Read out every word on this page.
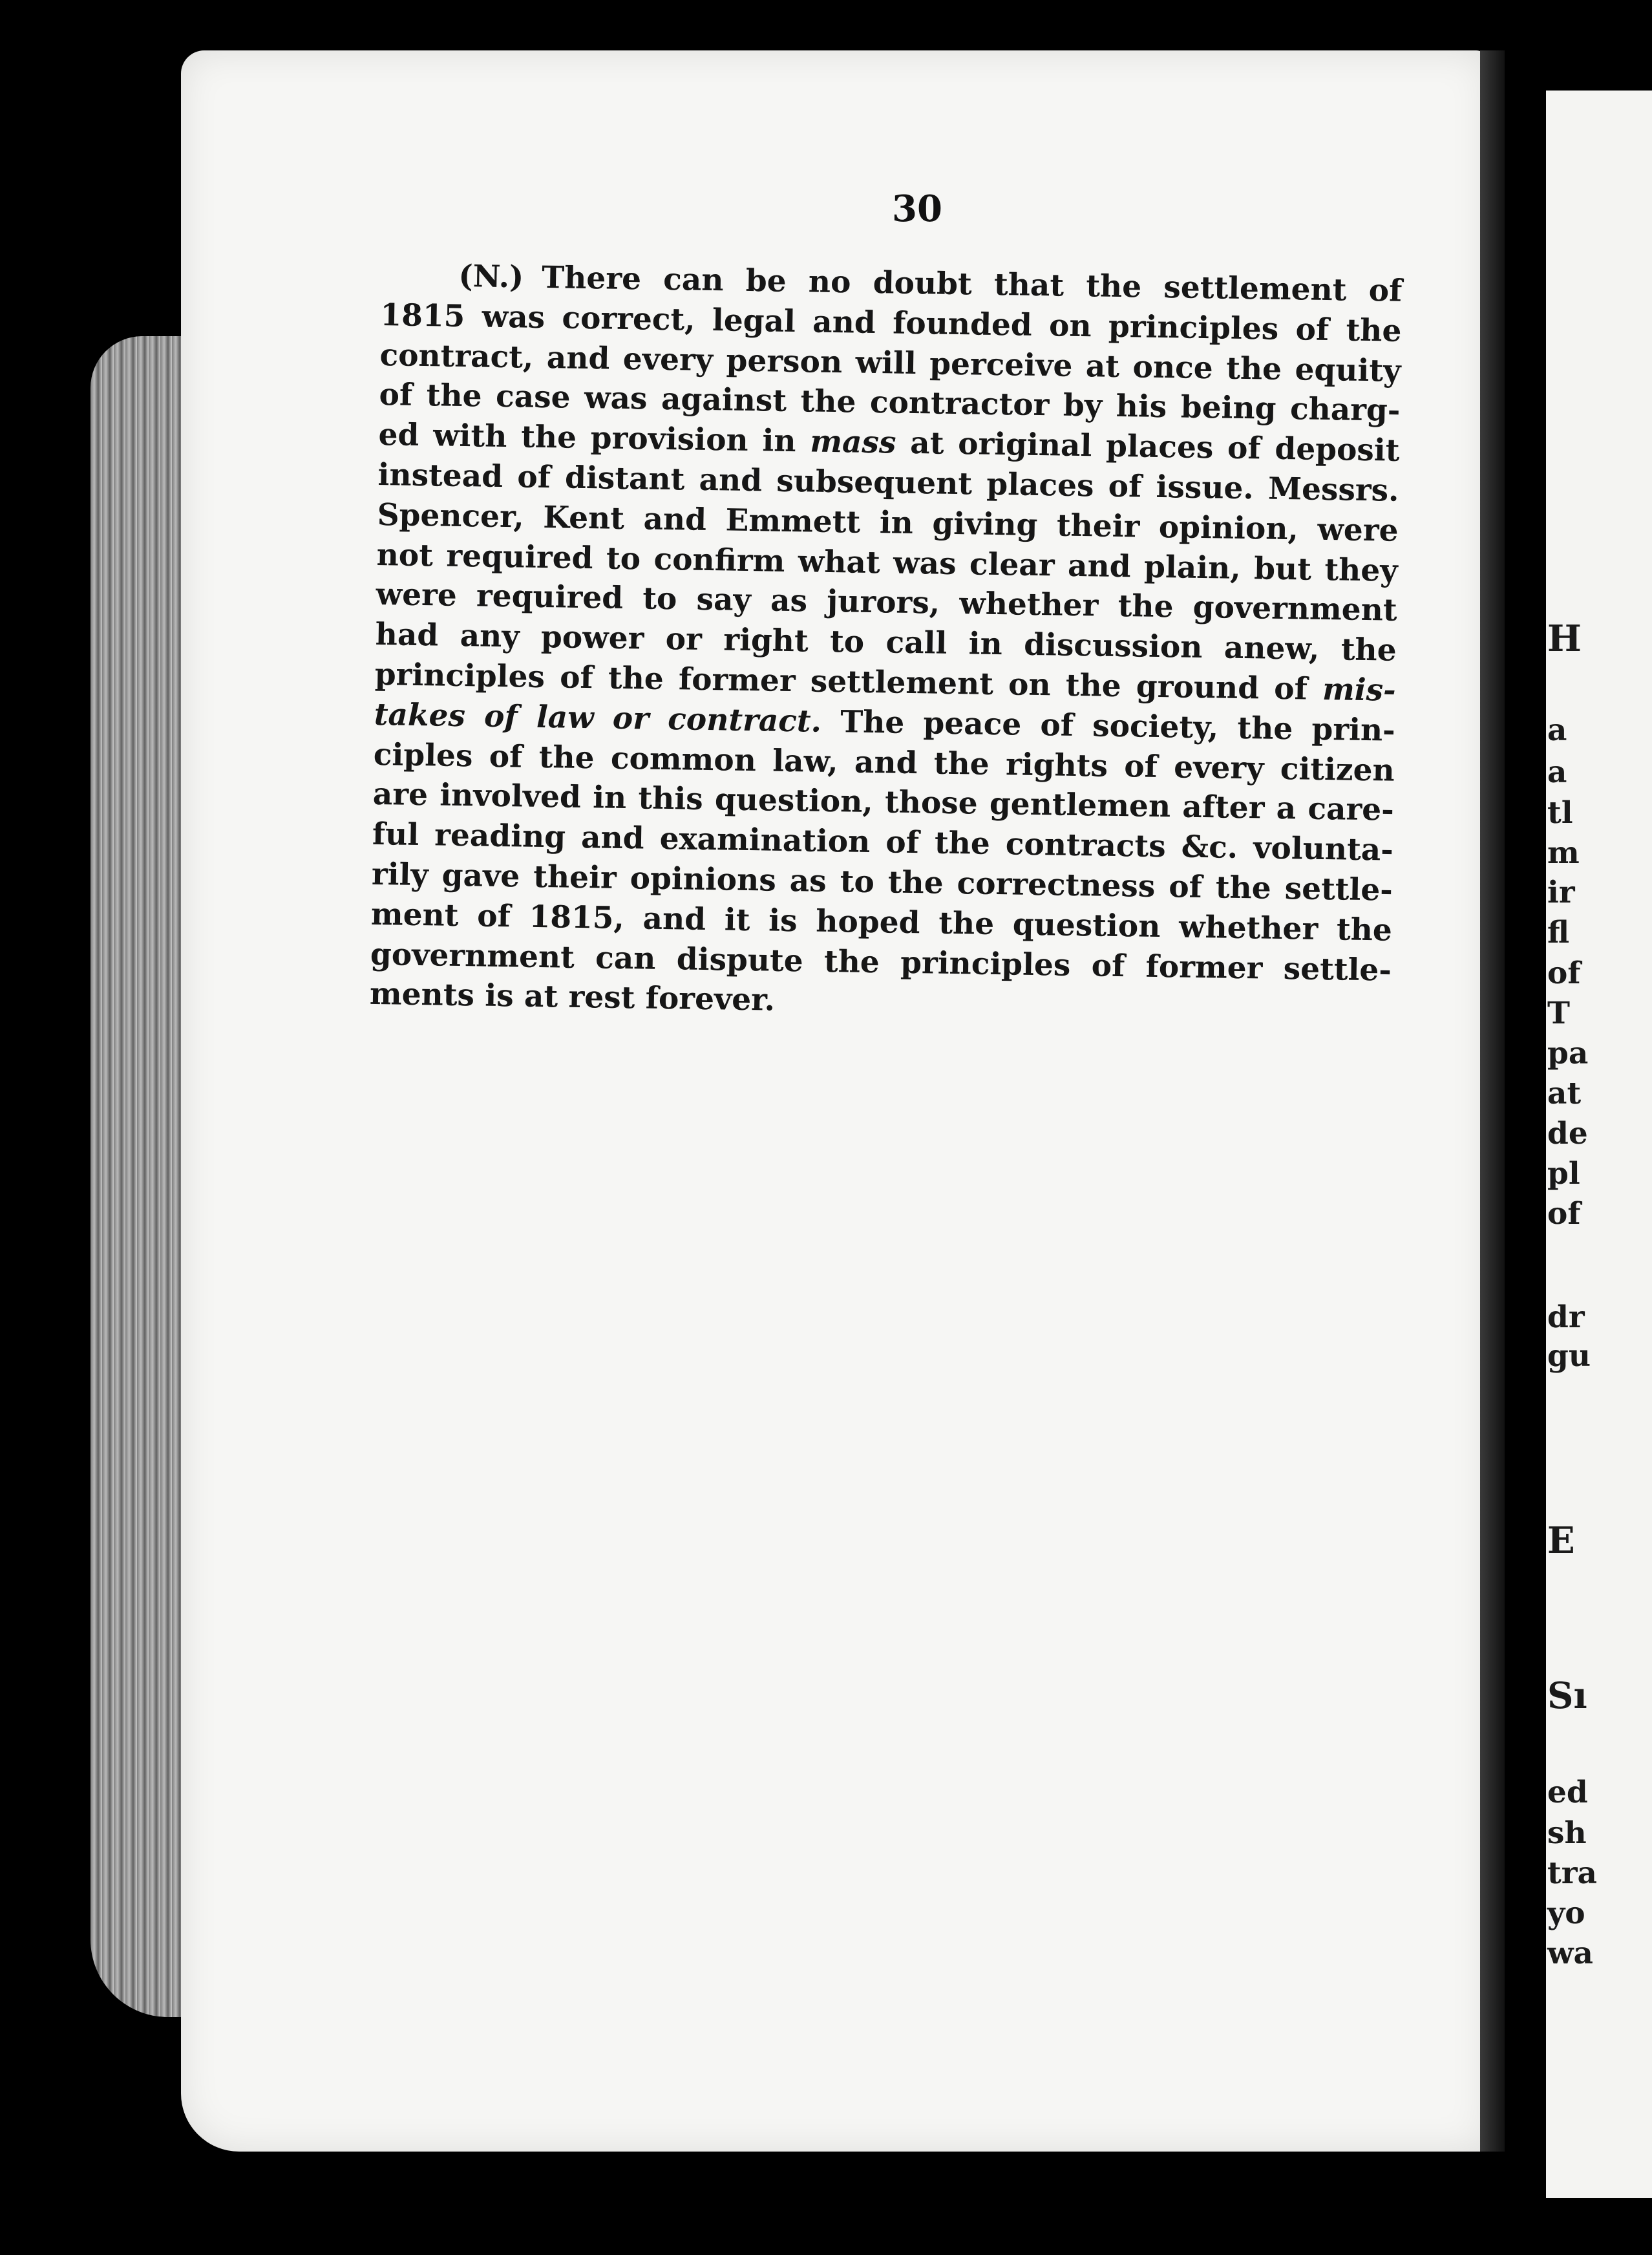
H

a

a

tl

m

ir

fl

of

T

pa

at

de

pl

of

dr

gu

E

Sı

ed

sh

tra

yo

wa

30

(N.) There can be no doubt that the settlement of
1815 was correct, legal and founded on principles of the
contract, and every person will perceive at once the equity
of the case was against the contractor by his being charg-
ed with the provision in mass at original places of deposit
instead of distant and subsequent places of issue. Messrs.
Spencer, Kent and Emmett in giving their opinion, were
not required to confirm what was clear and plain, but they
were required to say as jurors, whether the government
had any power or right to call in discussion anew, the
principles of the former settlement on the ground of mis-
takes of law or contract. The peace of society, the prin-
ciples of the common law, and the rights of every citizen
are involved in this question, those gentlemen after a care-
ful reading and examination of the contracts &c. volunta-
rily gave their opinions as to the correctness of the settle-
ment of 1815, and it is hoped the question whether the
government can dispute the principles of former settle-
ments is at rest forever.
